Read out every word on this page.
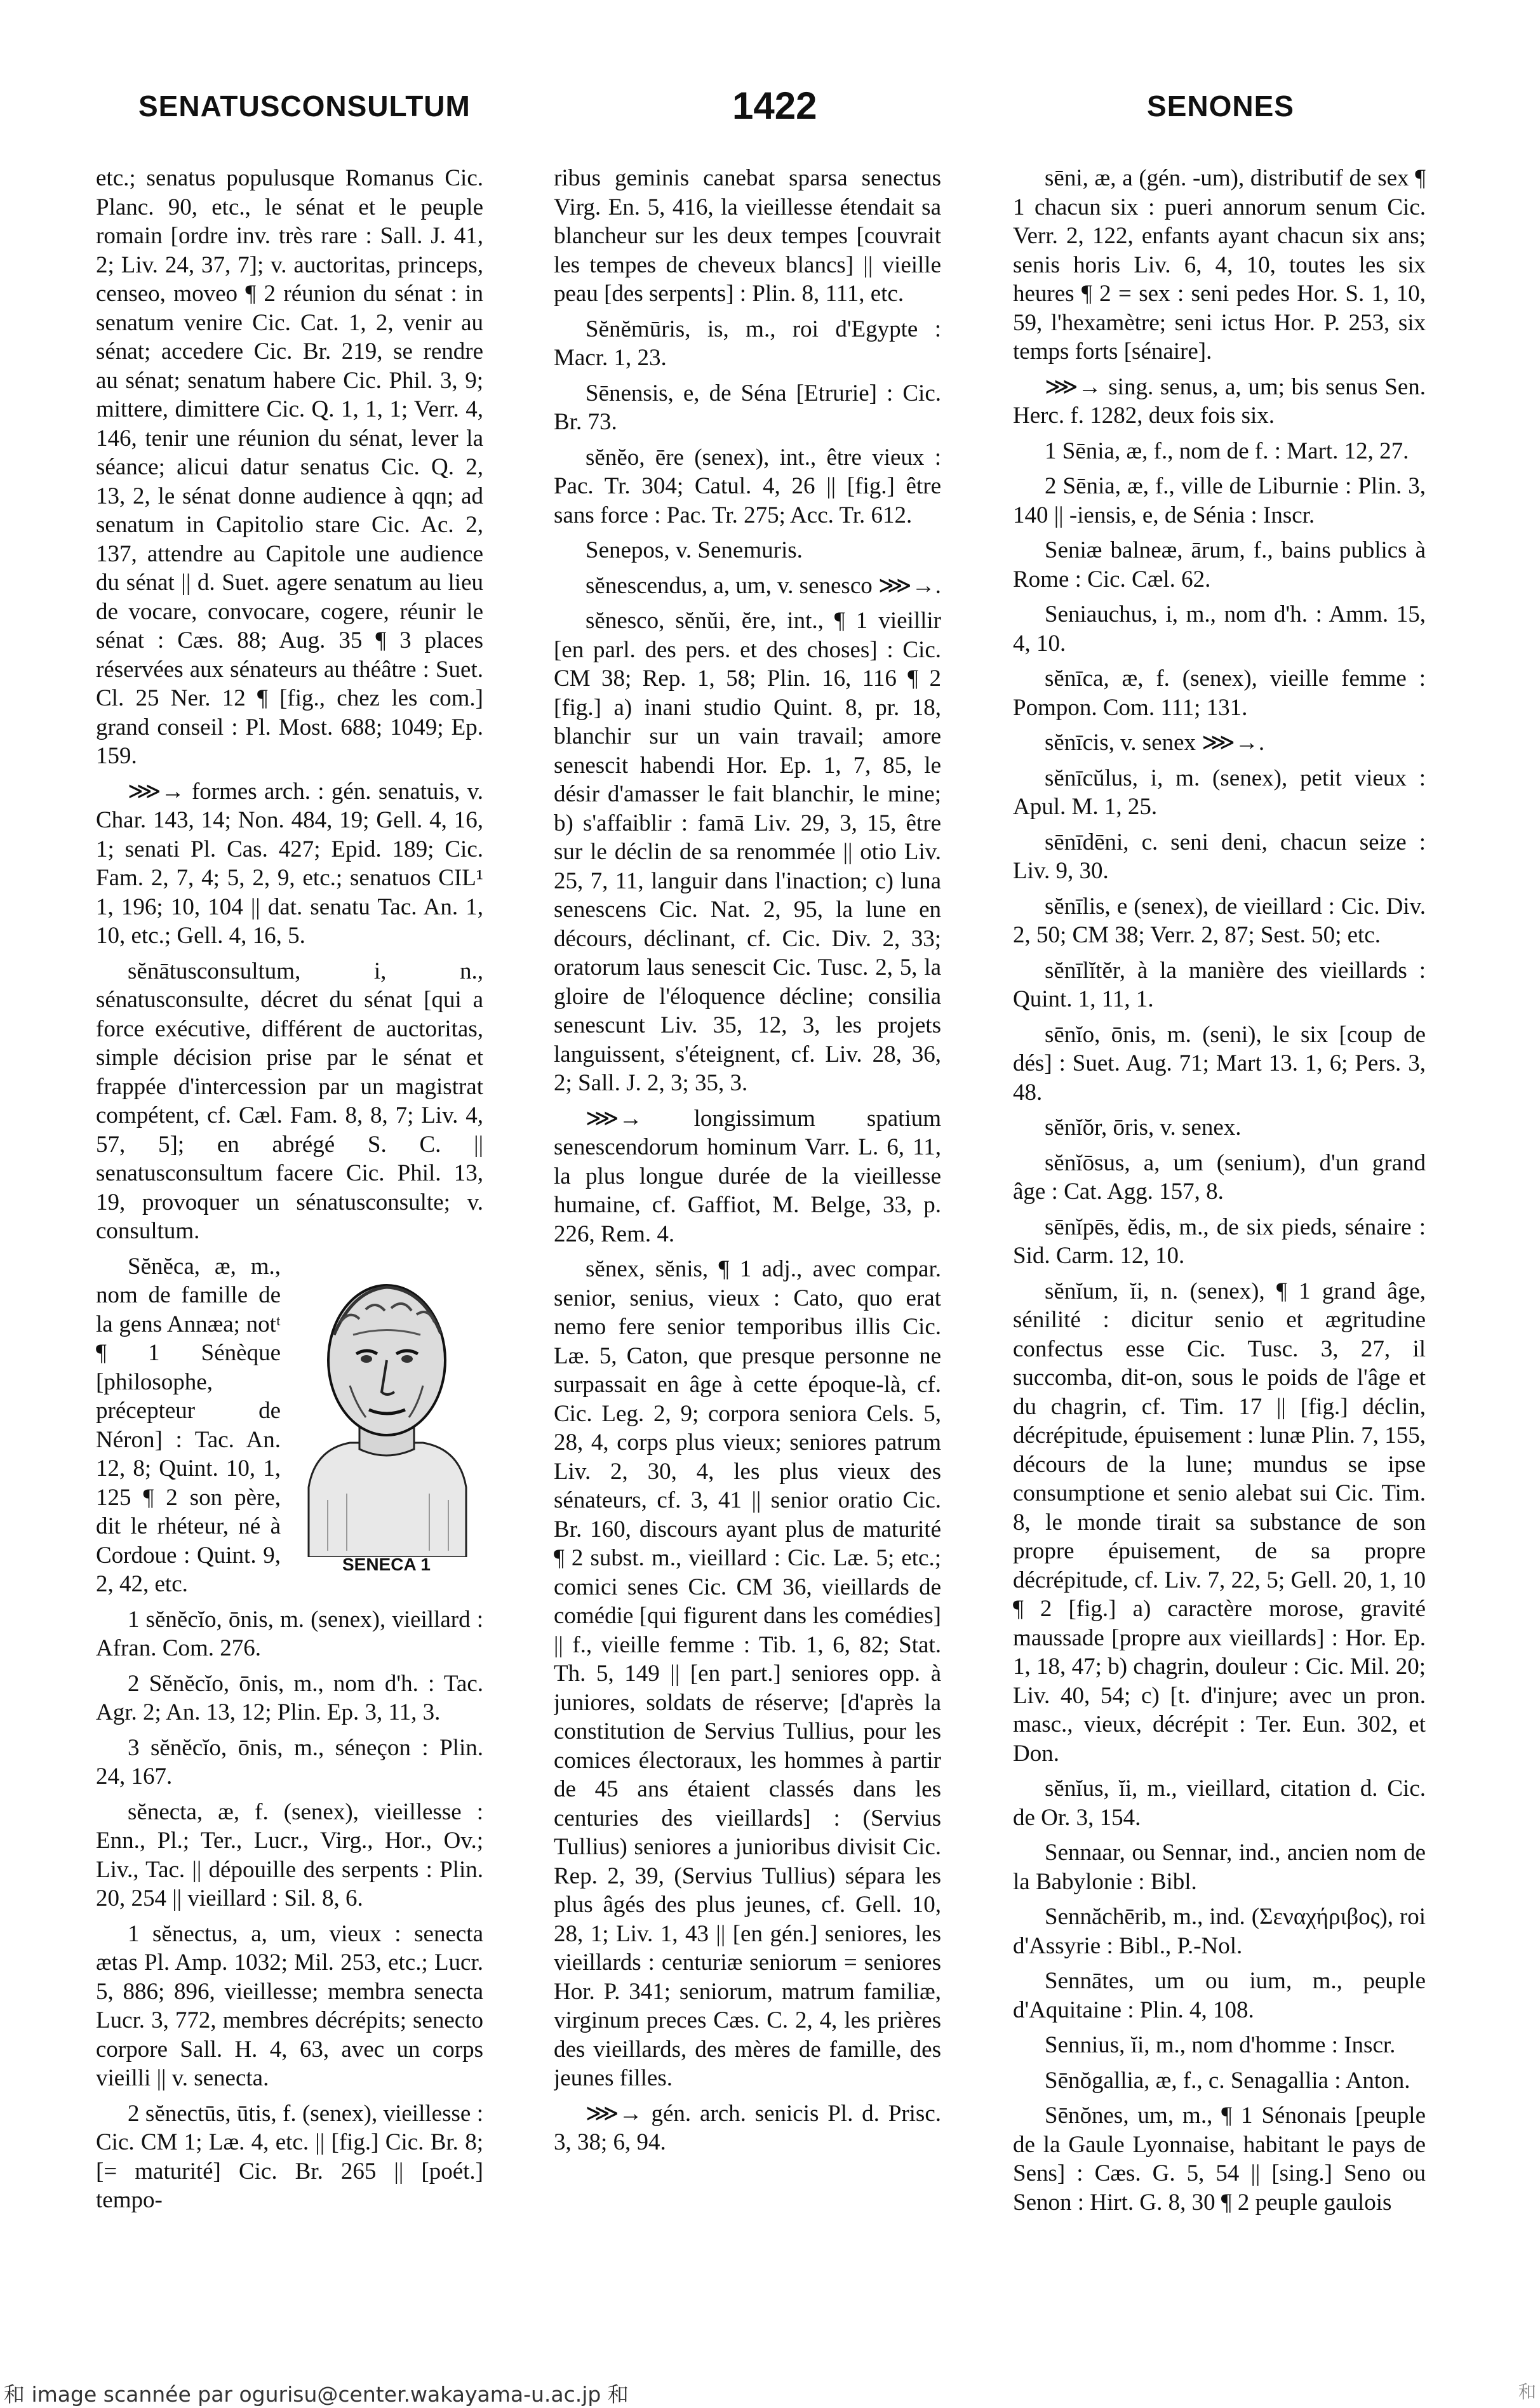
SENATUSCONSULTUM	1422	SENONES

etc.; senatus populusque Romanus Cic. Planc. 90, etc., le sénat et le peuple romain [ordre inv. très rare : Sall. J. 41, 2; Liv. 24, 37, 7]; v. auctoritas, princeps, censeo, moveo ¶ 2 réunion du sénat : in senatum venire Cic. Cat. 1, 2, venir au sénat; accedere Cic. Br. 219, se rendre au sénat; senatum habere Cic. Phil. 3, 9; mittere, dimittere Cic. Q. 1, 1, 1; Verr. 4, 146, tenir une réunion du sénat, lever la séance; alicui datur senatus Cic. Q. 2, 13, 2, le sénat donne audience à qqn; ad senatum in Capitolio stare Cic. Ac. 2, 137, attendre au Capitole une audience du sénat || d. Suet. agere senatum au lieu de vocare, convocare, cogere, réunir le sénat : Cæs. 88; Aug. 35 ¶ 3 places réservées aux sénateurs au théâtre : Suet. Cl. 25 Ner. 12 ¶ [fig., chez les com.] grand conseil : Pl. Most. 688; 1049; Ep. 159.

⋙→ formes arch. : gén. senatuis, v. Char. 143, 14; Non. 484, 19; Gell. 4, 16, 1; senati Pl. Cas. 427; Epid. 189; Cic. Fam. 2, 7, 4; 5, 2, 9, etc.; senatuos CIL¹ 1, 196; 10, 104 || dat. senatu Tac. An. 1, 10, etc.; Gell. 4, 16, 5.

sĕnātusconsultum, i, n., sénatusconsulte, décret du sénat [qui a force exécutive, différent de auctoritas, simple décision prise par le sénat et frappée d'intercession par un magistrat compétent, cf. Cæl. Fam. 8, 8, 7; Liv. 4, 57, 5]; en abrégé S. C. || senatusconsultum facere Cic. Phil. 13, 19, provoquer un sénatusconsulte; v. consultum.

SENECA 1

Sĕnĕca, æ, m., nom de famille de la gens Annæa; notᵗ ¶ 1 Sénèque [philosophe, précepteur de Néron] : Tac. An. 12, 8; Quint. 10, 1, 125 ¶ 2 son père, dit le rhéteur, né à Cordoue : Quint. 9, 2, 42, etc.

1 sĕnĕcĭo, ōnis, m. (senex), vieillard : Afran. Com. 276.

2 Sĕnĕcĭo, ōnis, m., nom d'h. : Tac. Agr. 2; An. 13, 12; Plin. Ep. 3, 11, 3.

3 sĕnĕcĭo, ōnis, m., séneçon : Plin. 24, 167.

sĕnecta, æ, f. (senex), vieillesse : Enn., Pl.; Ter., Lucr., Virg., Hor., Ov.; Liv., Tac. || dépouille des serpents : Plin. 20, 254 || vieillard : Sil. 8, 6.

1 sĕnectus, a, um, vieux : senecta ætas Pl. Amp. 1032; Mil. 253, etc.; Lucr. 5, 886; 896, vieillesse; membra senecta Lucr. 3, 772, membres décrépits; senecto corpore Sall. H. 4, 63, avec un corps vieilli || v. senecta.

2 sĕnectūs, ūtis, f. (senex), vieillesse : Cic. CM 1; Læ. 4, etc. || [fig.] Cic. Br. 8; [= maturité] Cic. Br. 265 || [poét.] tempo-

ribus geminis canebat sparsa senectus Virg. En. 5, 416, la vieillesse étendait sa blancheur sur les deux tempes [couvrait les tempes de cheveux blancs] || vieille peau [des serpents] : Plin. 8, 111, etc.

Sĕnĕmūris, is, m., roi d'Egypte : Macr. 1, 23.

Sēnensis, e, de Séna [Etrurie] : Cic. Br. 73.

sĕnĕo, ēre (senex), int., être vieux : Pac. Tr. 304; Catul. 4, 26 || [fig.] être sans force : Pac. Tr. 275; Acc. Tr. 612.

Senepos, v. Senemuris.

sĕnescendus, a, um, v. senesco ⋙→.

sĕnesco, sĕnŭi, ĕre, int., ¶ 1 vieillir [en parl. des pers. et des choses] : Cic. CM 38; Rep. 1, 58; Plin. 16, 116 ¶ 2 [fig.] a) inani studio Quint. 8, pr. 18, blanchir sur un vain travail; amore senescit habendi Hor. Ep. 1, 7, 85, le désir d'amasser le fait blanchir, le mine; b) s'affaiblir : famā Liv. 29, 3, 15, être sur le déclin de sa renommée || otio Liv. 25, 7, 11, languir dans l'inaction; c) luna senescens Cic. Nat. 2, 95, la lune en décours, déclinant, cf. Cic. Div. 2, 33; oratorum laus senescit Cic. Tusc. 2, 5, la gloire de l'éloquence décline; consilia senescunt Liv. 35, 12, 3, les projets languissent, s'éteignent, cf. Liv. 28, 36, 2; Sall. J. 2, 3; 35, 3.

⋙→ longissimum spatium senescendorum hominum Varr. L. 6, 11, la plus longue durée de la vieillesse humaine, cf. Gaffiot, M. Belge, 33, p. 226, Rem. 4.

sĕnex, sĕnis, ¶ 1 adj., avec compar. senior, senius, vieux : Cato, quo erat nemo fere senior temporibus illis Cic. Læ. 5, Caton, que presque personne ne surpassait en âge à cette époque-là, cf. Cic. Leg. 2, 9; corpora seniora Cels. 5, 28, 4, corps plus vieux; seniores patrum Liv. 2, 30, 4, les plus vieux des sénateurs, cf. 3, 41 || senior oratio Cic. Br. 160, discours ayant plus de maturité ¶ 2 subst. m., vieillard : Cic. Læ. 5; etc.; comici senes Cic. CM 36, vieillards de comédie [qui figurent dans les comédies] || f., vieille femme : Tib. 1, 6, 82; Stat. Th. 5, 149 || [en part.] seniores opp. à juniores, soldats de réserve; [d'après la constitution de Servius Tullius, pour les comices électoraux, les hommes à partir de 45 ans étaient classés dans les centuries des vieillards] : (Servius Tullius) seniores a junioribus divisit Cic. Rep. 2, 39, (Servius Tullius) sépara les plus âgés des plus jeunes, cf. Gell. 10, 28, 1; Liv. 1, 43 || [en gén.] seniores, les vieillards : centuriæ seniorum = seniores Hor. P. 341; seniorum, matrum familiæ, virginum preces Cæs. C. 2, 4, les prières des vieillards, des mères de famille, des jeunes filles.

⋙→ gén. arch. senicis Pl. d. Prisc. 3, 38; 6, 94.

sēni, æ, a (gén. -um), distributif de sex ¶ 1 chacun six : pueri annorum senum Cic. Verr. 2, 122, enfants ayant chacun six ans; senis horis Liv. 6, 4, 10, toutes les six heures ¶ 2 = sex : seni pedes Hor. S. 1, 10, 59, l'hexamètre; seni ictus Hor. P. 253, six temps forts [sénaire].

⋙→ sing. senus, a, um; bis senus Sen. Herc. f. 1282, deux fois six.

1 Sēnia, æ, f., nom de f. : Mart. 12, 27.

2 Sēnia, æ, f., ville de Liburnie : Plin. 3, 140 || -iensis, e, de Sénia : Inscr.

Seniæ balneæ, ārum, f., bains publics à Rome : Cic. Cæl. 62.

Seniauchus, i, m., nom d'h. : Amm. 15, 4, 10.

sĕnīca, æ, f. (senex), vieille femme : Pompon. Com. 111; 131.

sĕnīcis, v. senex ⋙→.

sĕnīcŭlus, i, m. (senex), petit vieux : Apul. M. 1, 25.

sēnīdēni, c. seni deni, chacun seize : Liv. 9, 30.

sĕnīlis, e (senex), de vieillard : Cic. Div. 2, 50; CM 38; Verr. 2, 87; Sest. 50; etc.

sĕnīlĭtĕr, à la manière des vieillards : Quint. 1, 11, 1.

sēnĭo, ōnis, m. (seni), le six [coup de dés] : Suet. Aug. 71; Mart 13. 1, 6; Pers. 3, 48.

sĕnĭŏr, ōris, v. senex.

sĕnĭōsus, a, um (senium), d'un grand âge : Cat. Agg. 157, 8.

sēnĭpēs, ĕdis, m., de six pieds, sénaire : Sid. Carm. 12, 10.

sĕnĭum, ĭi, n. (senex), ¶ 1 grand âge, sénilité : dicitur senio et ægritudine confectus esse Cic. Tusc. 3, 27, il succomba, dit-on, sous le poids de l'âge et du chagrin, cf. Tim. 17 || [fig.] déclin, décrépitude, épuisement : lunæ Plin. 7, 155, décours de la lune; mundus se ipse consumptione et senio alebat sui Cic. Tim. 8, le monde tirait sa substance de son propre épuisement, de sa propre décrépitude, cf. Liv. 7, 22, 5; Gell. 20, 1, 10 ¶ 2 [fig.] a) caractère morose, gravité maussade [propre aux vieillards] : Hor. Ep. 1, 18, 47; b) chagrin, douleur : Cic. Mil. 20; Liv. 40, 54; c) [t. d'injure; avec un pron. masc., vieux, décrépit : Ter. Eun. 302, et Don.

sĕnĭus, ĭi, m., vieillard, citation d. Cic. de Or. 3, 154.

Sennaar, ou Sennar, ind., ancien nom de la Babylonie : Bibl.

Sennăchērib, m., ind. (Σεναχήριβος), roi d'Assyrie : Bibl., P.-Nol.

Sennātes, um ou ium, m., peuple d'Aquitaine : Plin. 4, 108.

Sennius, ĭi, m., nom d'homme : Inscr.

Sēnŏgallia, æ, f., c. Senagallia : Anton.

Sēnŏnes, um, m., ¶ 1 Sénonais [peuple de la Gaule Lyonnaise, habitant le pays de Sens] : Cæs. G. 5, 54 || [sing.] Seno ou Senon : Hirt. G. 8, 30 ¶ 2 peuple gaulois

和 image scannée par ogurisu@center.wakayama-u.ac.jp 和	和
